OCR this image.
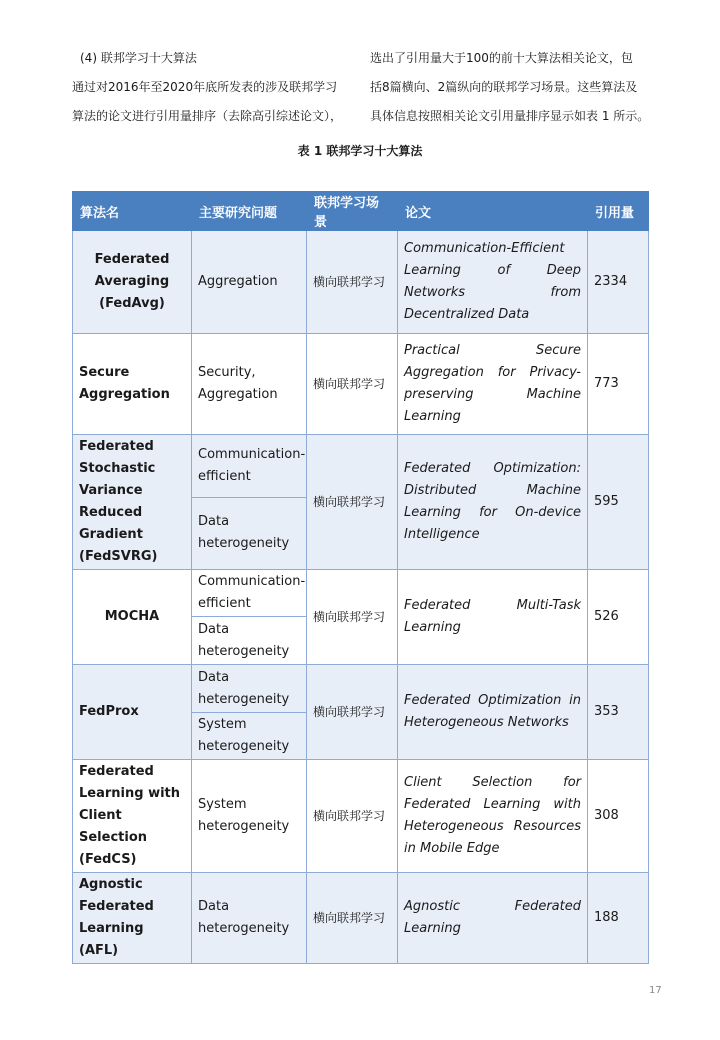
(4) 联邦学习十大算法
通过对2016年至2020年底所发表的涉及联邦学习
算法的论文进行引用量排序（去除高引综述论文），
选出了引用量大于100的前十大算法相关论文，包
括8篇横向、2篇纵向的联邦学习场景。这些算法及
具体信息按照相关论文引用量排序显示如表 1 所示。
表 1 联邦学习十大算法
算法名	主要研究问题	联邦学习场景	论文	引用量
Federated Averaging (FedAvg)	Aggregation	横向联邦学习	Communication-Efficient Learning of Deep Networks from Decentralized Data	2334
Secure Aggregation	Security, Aggregation	横向联邦学习	Practical Secure Aggregation for Privacy-preserving Machine Learning	773
Federated Stochastic Variance Reduced Gradient (FedSVRG)	Communication-efficient	横向联邦学习	Federated Optimization: Distributed Machine Learning for On-device Intelligence	595
	Data heterogeneity			
MOCHA	Communication-efficient	横向联邦学习	Federated Multi-Task Learning	526
	Data heterogeneity			
FedProx	Data heterogeneity	横向联邦学习	Federated Optimization in Heterogeneous Networks	353
	System heterogeneity			
Federated Learning with Client Selection (FedCS)	System heterogeneity	横向联邦学习	Client Selection for Federated Learning with Heterogeneous Resources in Mobile Edge	308
Agnostic Federated Learning (AFL)	Data heterogeneity	横向联邦学习	Agnostic Federated Learning	188
17
